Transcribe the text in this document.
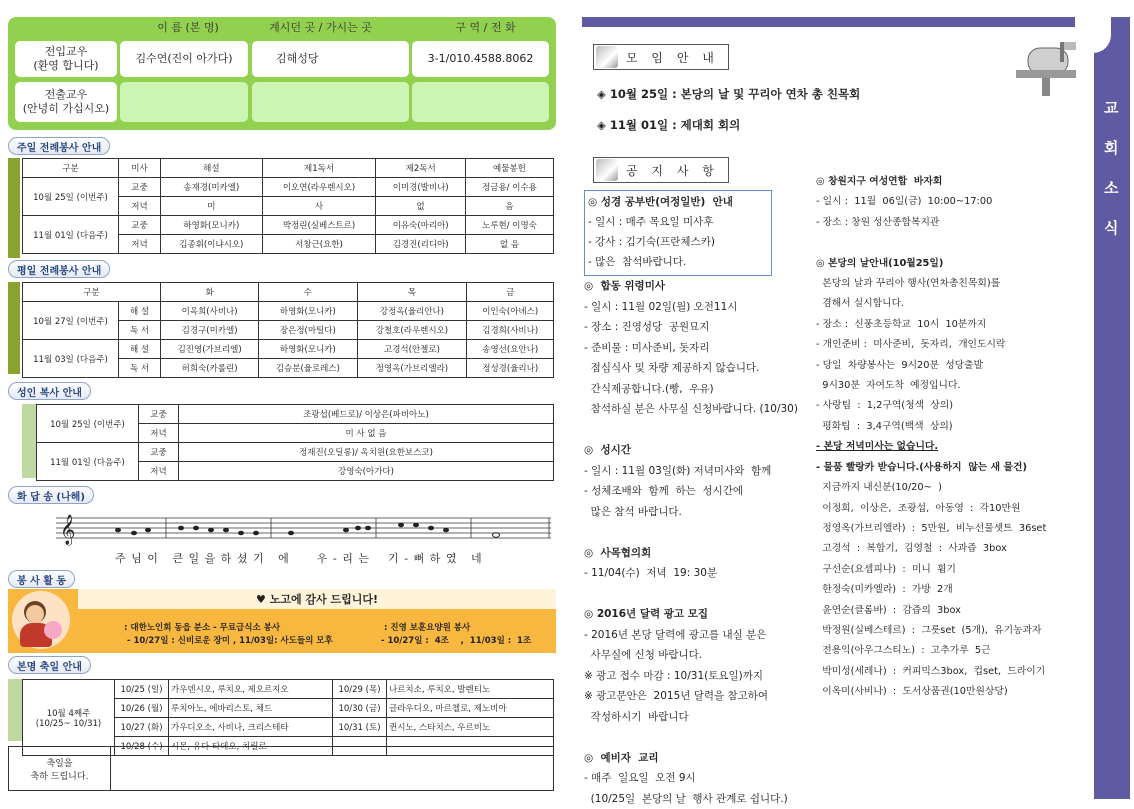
이 름 (본 명)	계시던 곳 / 가시는 곳	구 역 / 전 화
전입교우
(환영 합니다)
김수연(진이 아가다)	김해성당	3-1/010.4588.8062
전출교우
(안녕히 가십시오)
주일 전례봉사 안내
구분	미사	해설	제1독서	제2독서	예물봉헌
10월 25일 (이번주)	교중	송재경(미카엘)	이오연(라우렌시오)	이미경(발비나)	정금용/ 이수용
	저녁	미	사	없	음
11월 01일 (다음주)	교중	하영화(모니카)	박정린(실베스트르)	이유숙(마리아)	노루현/ 이명숙
	저녁	김종휘(이냐시오)	서창근(요한)	김경진(리디아)	없 음
평일 전례봉사 안내
구분		화	수	목	금
10월 27일 (이번주)	해 설	이옥희(사비나)	하영화(모니카)	강정옥(율리안나)	이인숙(아녜스)
	독 서	김경구(미카엘)	장은정(마틸다)	강철호(라우렌시오)	김경희(사비나)
11월 03일 (다음주)	해 설	김진영(가브리엘)	하영화(모니카)	고경석(안젤로)	송영선(요안나)
	독 서	허희숙(카롤린)	김승분(율로레스)	정영옥(가브리엘라)	정성경(율리나)
성인 복사 안내
10월 25일 (이번주)	교중	조광섭(베드로)/ 이상은(파비아노)
	저녁	미 사 없 음
11월 01일 (다음주)	교중	정재진(오딜롱)/ 옥치원(요한보스코)
	저녁	강영숙(아가다)
화 답 송 (나해)
𝄞
주 님 이   큰 일 을 하 셨 기   에      우 - 리 는    기 - 뻐 하 였   네
봉 사 활 동
♥ 노고에 감사 드립니다!
: 대한노인회 동읍 분소 - 무료급식소 봉사	: 진영 보훈요양원 봉사
- 10/27일 : 신비로운 장미 , 11/03일: 사도들의 모후	- 10/27일 :  4조    ,  11/03일 :  1조
본명 축일 안내
10월 4째주
(10/25~ 10/31)	10/25 (일)	가우덴시오, 루치오, 제오르지오	10/29 (목)	나르치소, 루치오, 발렌티노
	10/26 (월)	루치아노, 에바리스토, 체드	10/30 (금)	글라우디오, 마르첼로, 제노비아
	10/27 (화)	가우디오소, 사비나, 크리스테타	10/31 (토)	퀸시노, 스타치스, 우르비노
	10/28 (수)	시몬, 유다 타데오, 치릴로		
축일을
축하 드립니다.	
교
회
소
식
모 임 안 내
◈ 10월 25일 : 본당의 날 및 꾸리아 연차 총 친목회
◈ 11월 01일 : 제대회 회의
공 지 사 항
◎ 성경 공부반(여정일반)  안내
- 일시 : 매주 목요일 미사후
- 강사 : 김기숙(프란체스카)
- 많은  참석바랍니다.
◎  합동 위령미사
- 일시 : 11월 02일(월) 오전11시
- 장소 : 진영성당  공원묘지
- 준비물 : 미사준비, 돗자리
점심식사 및 차량 제공하지 않습니다.
간식제공합니다.(빵,  우유)
참석하실 분은 사무실 신청바랍니다. (10/30)

◎  성시간
- 일시 : 11월 03일(화) 저녁미사와  함께
- 성체조배와  함께  하는  성시간에
많은 참석 바랍니다.

◎  사목협의회
- 11/04(수)  저녁  19: 30분

◎ 2016년 달력 광고 모집
- 2016년 본당 달력에 광고를 내실 분은
사무실에 신청 바랍니다.
※ 광고 접수 마감 : 10/31(토요일)까지
※ 광고문안은  2015년 달력을 참고하여
작성하시기  바랍니다

◎  예비자  교리
- 매주  일요일  오전 9시
(10/25일  본당의 날  행사 관계로 쉽니다.)
◎ 창원지구 여성연합  바자회
- 일시 :  11월  06일(금)  10:00~17:00
- 장소 : 창원 성산종합복지관

◎ 본당의 날안내(10월25일)
본당의 날과 꾸리아 행사(연차총친목회)를
겸해서 실시합니다.
- 장소 :  신풍초등학교  10시  10분까지
- 개인준비 :  미사준비,  돗자리,  개인도시락
- 당일  차량봉사는  9시20분  성당출발
9시30분  자여도착  예정입니다.
- 사랑팀  :  1,2구역(청색  상의)
평화팀  :  3,4구역(백색  상의)
- 본당 저녁미사는 없습니다.
- 물품 빨랑카 받습니다.(사용하지  않는 새 물건)
지금까지 내신분(10/20~  )
이정희,  이상은,  조광섭,  아동영  :  각10만원
정영옥(가브리엘라)  :  5만원,  비누선물셋트  36set
고경석  :  복합기,  김영철  :  사과즙  3box
구선순(요셉피나)  :  미니  휨기
한정숙(미카엘라)  :  가방  2개
윤연순(클롬바)  :  감즙의  3box
박정원(실베스테르)  :  그릇set  (5개),  유기농과자
전용익(아우그스티노)  :  고추가루  5근
박미성(세레나)  :  커피믹스3box,  컵set,  드라이기
이옥미(사비나)  :  도서상품권(10만원상당)
